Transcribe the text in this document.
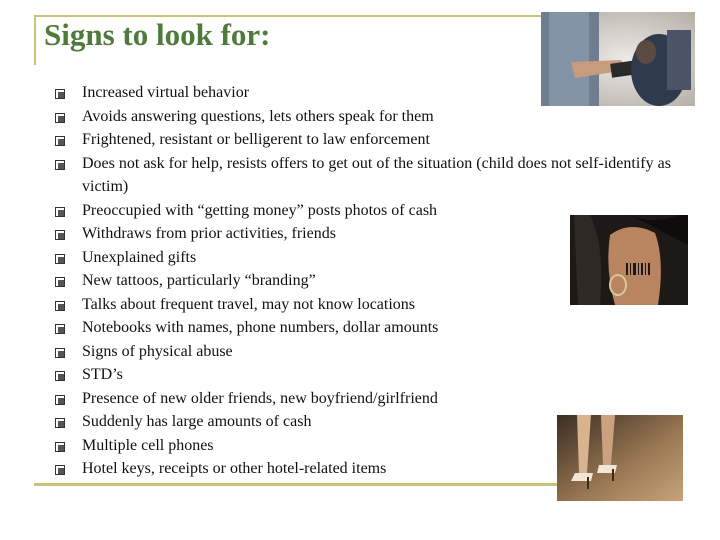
Signs to look for:
Increased virtual behavior
Avoids answering questions, lets others speak for them
Frightened, resistant or belligerent to law enforcement
Does not ask for help, resists offers to get out of the situation (child does not self-identify as victim)
Preoccupied with “getting money” posts photos of cash
Withdraws from prior activities, friends
Unexplained gifts
New tattoos, particularly “branding”
Talks about frequent travel, may not know locations
Notebooks with names, phone numbers, dollar amounts
Signs of physical abuse
STD’s
Presence of new older friends, new boyfriend/girlfriend
Suddenly has large amounts of cash
Multiple cell phones
Hotel keys, receipts or other hotel-related items
